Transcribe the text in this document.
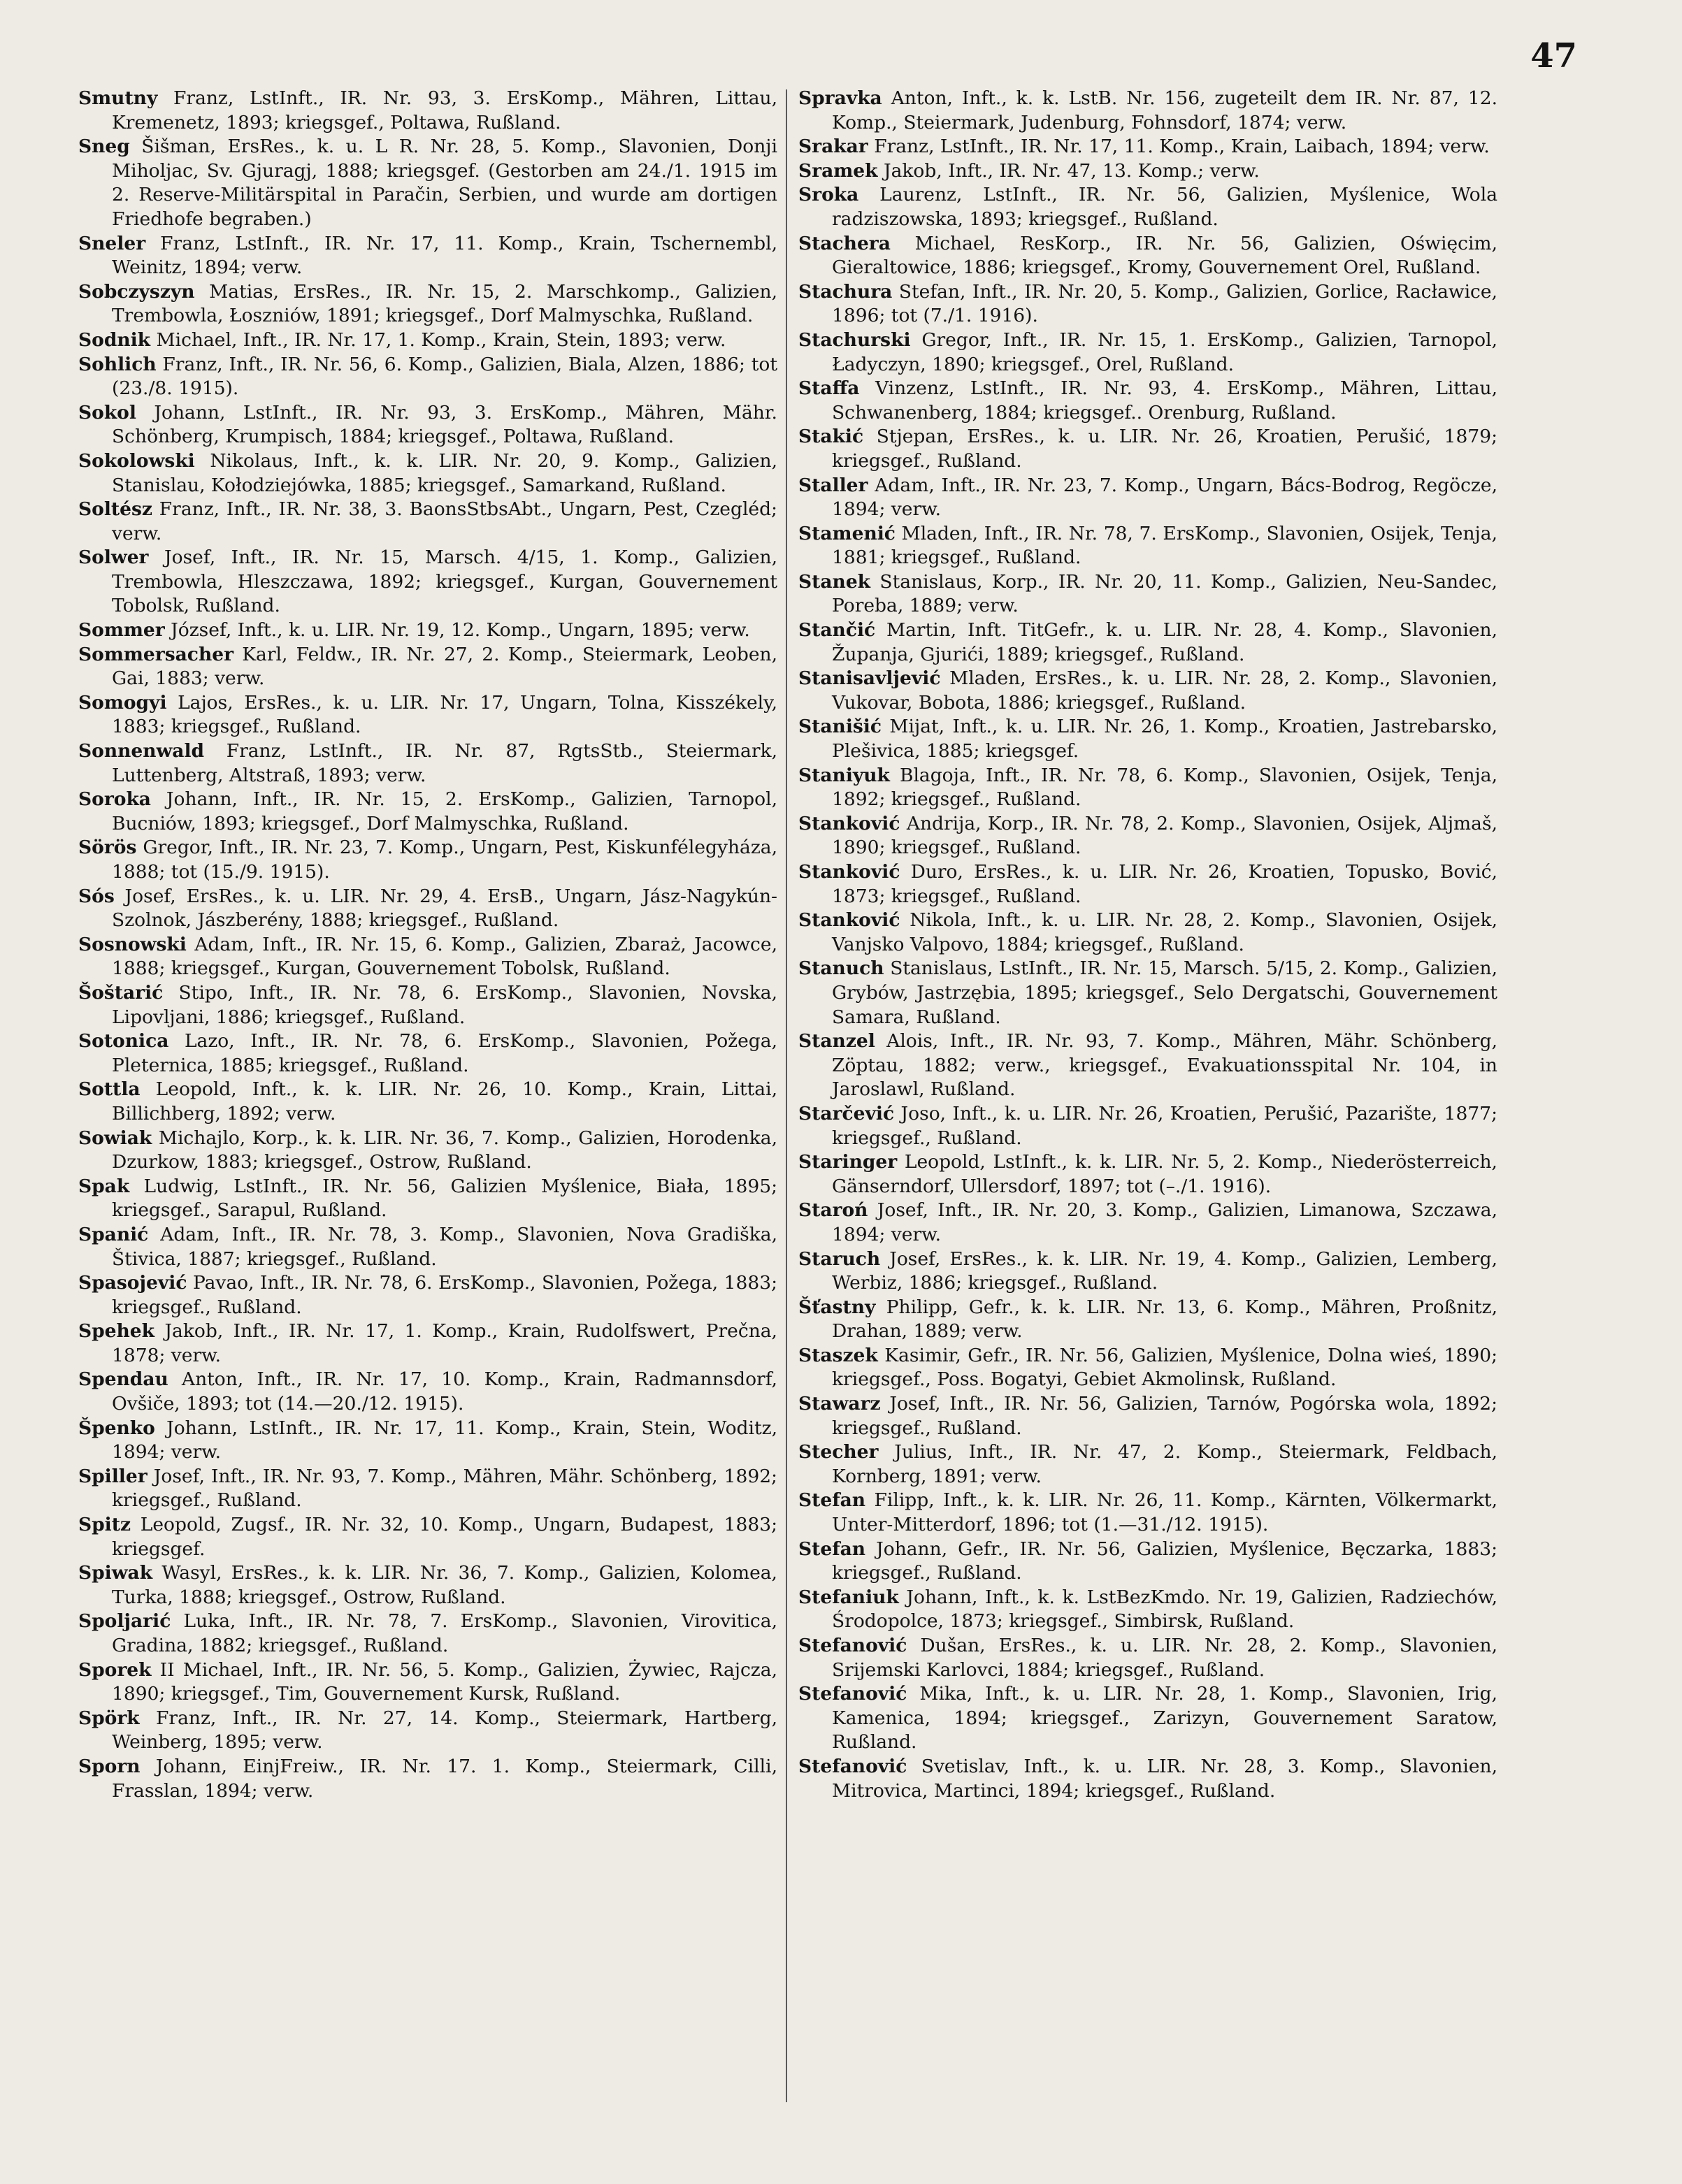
47

Smutny Franz, LstInft., IR. Nr. 93, 3. ErsKomp., Mähren, Littau, Kremenetz, 1893; kriegsgef., Poltawa, Rußland.

Sneg Šišman, ErsRes., k. u. L R. Nr. 28, 5. Komp., Slavonien, Donji Miholjac, Sv. Gjuragj, 1888; kriegsgef. (Gestorben am 24./1. 1915 im 2. Reserve-Militärspital in Paračin, Serbien, und wurde am dortigen Friedhofe begraben.)

Sneler Franz, LstInft., IR. Nr. 17, 11. Komp., Krain, Tschernembl, Weinitz, 1894; verw.

Sobczyszyn Matias, ErsRes., IR. Nr. 15, 2. Marschkomp., Galizien, Trembowla, Łoszniów, 1891; kriegsgef., Dorf Malmyschka, Rußland.

Sodnik Michael, Inft., IR. Nr. 17, 1. Komp., Krain, Stein, 1893; verw.

Sohlich Franz, Inft., IR. Nr. 56, 6. Komp., Galizien, Biala, Alzen, 1886; tot (23./8. 1915).

Sokol Johann, LstInft., IR. Nr. 93, 3. ErsKomp., Mähren, Mähr. Schönberg, Krumpisch, 1884; kriegsgef., Poltawa, Rußland.

Sokolowski Nikolaus, Inft., k. k. LIR. Nr. 20, 9. Komp., Galizien, Stanislau, Kołodziejówka, 1885; kriegsgef., Samarkand, Rußland.

Soltész Franz, Inft., IR. Nr. 38, 3. BaonsStbsAbt., Ungarn, Pest, Czegléd; verw.

Solwer Josef, Inft., IR. Nr. 15, Marsch. 4/15, 1. Komp., Galizien, Trembowla, Hleszczawa, 1892; kriegsgef., Kurgan, Gouvernement Tobolsk, Rußland.

Sommer József, Inft., k. u. LIR. Nr. 19, 12. Komp., Ungarn, 1895; verw.

Sommersacher Karl, Feldw., IR. Nr. 27, 2. Komp., Steiermark, Leoben, Gai, 1883; verw.

Somogyi Lajos, ErsRes., k. u. LIR. Nr. 17, Ungarn, Tolna, Kisszékely, 1883; kriegsgef., Rußland.

Sonnenwald Franz, LstInft., IR. Nr. 87, RgtsStb., Steiermark, Luttenberg, Altstraß, 1893; verw.

Soroka Johann, Inft., IR. Nr. 15, 2. ErsKomp., Galizien, Tarnopol, Bucniów, 1893; kriegsgef., Dorf Malmyschka, Rußland.

Sörös Gregor, Inft., IR. Nr. 23, 7. Komp., Ungarn, Pest, Kiskunfélegyháza, 1888; tot (15./9. 1915).

Sós Josef, ErsRes., k. u. LIR. Nr. 29, 4. ErsB., Ungarn, Jász-Nagykún-Szolnok, Jászberény, 1888; kriegsgef., Rußland.

Sosnowski Adam, Inft., IR. Nr. 15, 6. Komp., Galizien, Zbaraż, Jacowce, 1888; kriegsgef., Kurgan, Gouvernement Tobolsk, Rußland.

Šoštarić Stipo, Inft., IR. Nr. 78, 6. ErsKomp., Slavonien, Novska, Lipovljani, 1886; kriegsgef., Rußland.

Sotonica Lazo, Inft., IR. Nr. 78, 6. ErsKomp., Slavonien, Požega, Pleternica, 1885; kriegsgef., Rußland.

Sottla Leopold, Inft., k. k. LIR. Nr. 26, 10. Komp., Krain, Littai, Billichberg, 1892; verw.

Sowiak Michajlo, Korp., k. k. LIR. Nr. 36, 7. Komp., Galizien, Horodenka, Dzurkow, 1883; kriegsgef., Ostrow, Rußland.

Spak Ludwig, LstInft., IR. Nr. 56, Galizien Myślenice, Biała, 1895; kriegsgef., Sarapul, Rußland.

Spanić Adam, Inft., IR. Nr. 78, 3. Komp., Slavonien, Nova Gradiška, Štivica, 1887; kriegsgef., Rußland.

Spasojević Pavao, Inft., IR. Nr. 78, 6. ErsKomp., Slavonien, Požega, 1883; kriegsgef., Rußland.

Spehek Jakob, Inft., IR. Nr. 17, 1. Komp., Krain, Rudolfswert, Prečna, 1878; verw.

Spendau Anton, Inft., IR. Nr. 17, 10. Komp., Krain, Radmannsdorf, Ovšiče, 1893; tot (14.—20./12. 1915).

Špenko Johann, LstInft., IR. Nr. 17, 11. Komp., Krain, Stein, Woditz, 1894; verw.

Spiller Josef, Inft., IR. Nr. 93, 7. Komp., Mähren, Mähr. Schönberg, 1892; kriegsgef., Rußland.

Spitz Leopold, Zugsf., IR. Nr. 32, 10. Komp., Ungarn, Budapest, 1883; kriegsgef.

Spiwak Wasyl, ErsRes., k. k. LIR. Nr. 36, 7. Komp., Galizien, Kolomea, Turka, 1888; kriegsgef., Ostrow, Rußland.

Spoljarić Luka, Inft., IR. Nr. 78, 7. ErsKomp., Slavonien, Virovitica, Gradina, 1882; kriegsgef., Rußland.

Sporek II Michael, Inft., IR. Nr. 56, 5. Komp., Galizien, Żywiec, Rajcza, 1890; kriegsgef., Tim, Gouvernement Kursk, Rußland.

Spörk Franz, Inft., IR. Nr. 27, 14. Komp., Steiermark, Hartberg, Weinberg, 1895; verw.

Sporn Johann, EinjFreiw., IR. Nr. 17. 1. Komp., Steiermark, Cilli, Frasslan, 1894; verw.

Spravka Anton, Inft., k. k. LstB. Nr. 156, zugeteilt dem IR. Nr. 87, 12. Komp., Steiermark, Judenburg, Fohnsdorf, 1874; verw.

Srakar Franz, LstInft., IR. Nr. 17, 11. Komp., Krain, Laibach, 1894; verw.

Sramek Jakob, Inft., IR. Nr. 47, 13. Komp.; verw.

Sroka Laurenz, LstInft., IR. Nr. 56, Galizien, Myślenice, Wola radziszowska, 1893; kriegsgef., Rußland.

Stachera Michael, ResKorp., IR. Nr. 56, Galizien, Oświęcim, Gieraltowice, 1886; kriegsgef., Kromy, Gouvernement Orel, Rußland.

Stachura Stefan, Inft., IR. Nr. 20, 5. Komp., Galizien, Gorlice, Racławice, 1896; tot (7./1. 1916).

Stachurski Gregor, Inft., IR. Nr. 15, 1. ErsKomp., Galizien, Tarnopol, Ładyczyn, 1890; kriegsgef., Orel, Rußland.

Staffa Vinzenz, LstInft., IR. Nr. 93, 4. ErsKomp., Mähren, Littau, Schwanenberg, 1884; kriegsgef.. Orenburg, Rußland.

Stakić Stjepan, ErsRes., k. u. LIR. Nr. 26, Kroatien, Perušić, 1879; kriegsgef., Rußland.

Staller Adam, Inft., IR. Nr. 23, 7. Komp., Ungarn, Bács-Bodrog, Regöcze, 1894; verw.

Stamenić Mladen, Inft., IR. Nr. 78, 7. ErsKomp., Slavonien, Osijek, Tenja, 1881; kriegsgef., Rußland.

Stanek Stanislaus, Korp., IR. Nr. 20, 11. Komp., Galizien, Neu-Sandec, Poreba, 1889; verw.

Stančić Martin, Inft. TitGefr., k. u. LIR. Nr. 28, 4. Komp., Slavonien, Županja, Gjurići, 1889; kriegsgef., Rußland.

Stanisavljević Mladen, ErsRes., k. u. LIR. Nr. 28, 2. Komp., Slavonien, Vukovar, Bobota, 1886; kriegsgef., Rußland.

Stanišić Mijat, Inft., k. u. LIR. Nr. 26, 1. Komp., Kroatien, Jastrebarsko, Plešivica, 1885; kriegsgef.

Staniyuk Blagoja, Inft., IR. Nr. 78, 6. Komp., Slavonien, Osijek, Tenja, 1892; kriegsgef., Rußland.

Stanković Andrija, Korp., IR. Nr. 78, 2. Komp., Slavonien, Osijek, Aljmaš, 1890; kriegsgef., Rußland.

Stanković Duro, ErsRes., k. u. LIR. Nr. 26, Kroatien, Topusko, Bović, 1873; kriegsgef., Rußland.

Stanković Nikola, Inft., k. u. LIR. Nr. 28, 2. Komp., Slavonien, Osijek, Vanjsko Valpovo, 1884; kriegsgef., Rußland.

Stanuch Stanislaus, LstInft., IR. Nr. 15, Marsch. 5/15, 2. Komp., Galizien, Grybów, Jastrzębia, 1895; kriegsgef., Selo Dergatschi, Gouvernement Samara, Rußland.

Stanzel Alois, Inft., IR. Nr. 93, 7. Komp., Mähren, Mähr. Schönberg, Zöptau, 1882; verw., kriegsgef., Evakuationsspital Nr. 104, in Jaroslawl, Rußland.

Starčević Joso, Inft., k. u. LIR. Nr. 26, Kroatien, Perušić, Pazarište, 1877; kriegsgef., Rußland.

Staringer Leopold, LstInft., k. k. LIR. Nr. 5, 2. Komp., Niederösterreich, Gänserndorf, Ullersdorf, 1897; tot (–./1. 1916).

Staroń Josef, Inft., IR. Nr. 20, 3. Komp., Galizien, Limanowa, Szczawa, 1894; verw.

Staruch Josef, ErsRes., k. k. LIR. Nr. 19, 4. Komp., Galizien, Lemberg, Werbiz, 1886; kriegsgef., Rußland.

Šťastny Philipp, Gefr., k. k. LIR. Nr. 13, 6. Komp., Mähren, Proßnitz, Drahan, 1889; verw.

Staszek Kasimir, Gefr., IR. Nr. 56, Galizien, Myślenice, Dolna wieś, 1890; kriegsgef., Poss. Bogatyi, Gebiet Akmolinsk, Rußland.

Stawarz Josef, Inft., IR. Nr. 56, Galizien, Tarnów, Pogórska wola, 1892; kriegsgef., Rußland.

Stecher Julius, Inft., IR. Nr. 47, 2. Komp., Steiermark, Feldbach, Kornberg, 1891; verw.

Stefan Filipp, Inft., k. k. LIR. Nr. 26, 11. Komp., Kärnten, Völkermarkt, Unter-Mitterdorf, 1896; tot (1.—31./12. 1915).

Stefan Johann, Gefr., IR. Nr. 56, Galizien, Myślenice, Bęczarka, 1883; kriegsgef., Rußland.

Stefaniuk Johann, Inft., k. k. LstBezKmdo. Nr. 19, Galizien, Radziechów, Środopolce, 1873; kriegsgef., Simbirsk, Rußland.

Stefanović Dušan, ErsRes., k. u. LIR. Nr. 28, 2. Komp., Slavonien, Srijemski Karlovci, 1884; kriegsgef., Rußland.

Stefanović Mika, Inft., k. u. LIR. Nr. 28, 1. Komp., Slavonien, Irig, Kamenica, 1894; kriegsgef., Zarizyn, Gouvernement Saratow, Rußland.

Stefanović Svetislav, Inft., k. u. LIR. Nr. 28, 3. Komp., Slavonien, Mitrovica, Martinci, 1894; kriegsgef., Rußland.
